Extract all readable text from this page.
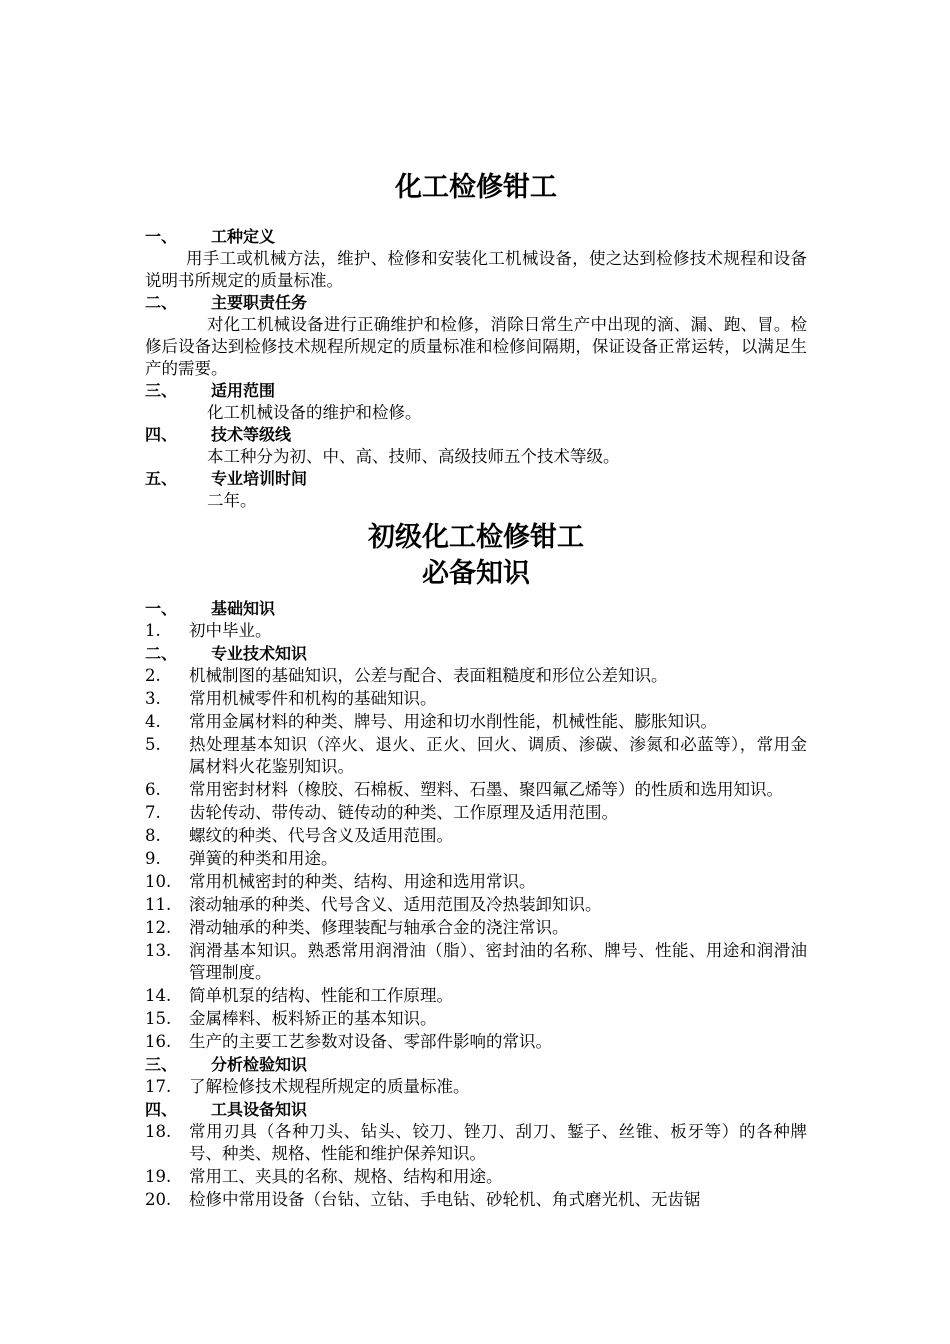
化工检修钳工
一、	工种定义

用手工或机械方法，维护、检修和安装化工机械设备，使之达到检修技术规程和设备说明书所规定的质量标准。

二、	主要职责任务

对化工机械设备进行正确维护和检修，消除日常生产中出现的滴、漏、跑、冒。检修后设备达到检修技术规程所规定的质量标准和检修间隔期，保证设备正常运转，以满足生产的需要。

三、	适用范围

化工机械设备的维护和检修。

四、	技术等级线

本工种分为初、中、高、技师、高级技师五个技术等级。

五、	专业培训时间

二年。

初级化工检修钳工
必备知识
一、	基础知识
1.	初中毕业。
二、	专业技术知识
2.	机械制图的基础知识，公差与配合、表面粗糙度和形位公差知识。
3.	常用机械零件和机构的基础知识。
4.	常用金属材料的种类、牌号、用途和切水削性能，机械性能、膨胀知识。
5.	热处理基本知识（淬火、退火、正火、回火、调质、渗碳、渗氮和必蓝等），常用金属材料火花鉴别知识。
6.	常用密封材料（橡胶、石棉板、塑料、石墨、聚四氟乙烯等）的性质和选用知识。
7.	齿轮传动、带传动、链传动的种类、工作原理及适用范围。
8.	螺纹的种类、代号含义及适用范围。
9.	弹簧的种类和用途。
10.	常用机械密封的种类、结构、用途和选用常识。
11.	滚动轴承的种类、代号含义、适用范围及冷热装卸知识。
12.	滑动轴承的种类、修理装配与轴承合金的浇注常识。
13.	润滑基本知识。熟悉常用润滑油（脂）、密封油的名称、牌号、性能、用途和润滑油管理制度。
14.	简单机泵的结构、性能和工作原理。
15.	金属棒料、板料矫正的基本知识。
16.	生产的主要工艺参数对设备、零部件影响的常识。
三、	分析检验知识
17.	了解检修技术规程所规定的质量标准。
四、	工具设备知识
18.	常用刃具（各种刀头、钻头、铰刀、锉刀、刮刀、錾子、丝锥、板牙等）的各种牌号、种类、规格、性能和维护保养知识。
19.	常用工、夹具的名称、规格、结构和用途。
20.	检修中常用设备（台钻、立钻、手电钻、砂轮机、角式磨光机、无齿锯
